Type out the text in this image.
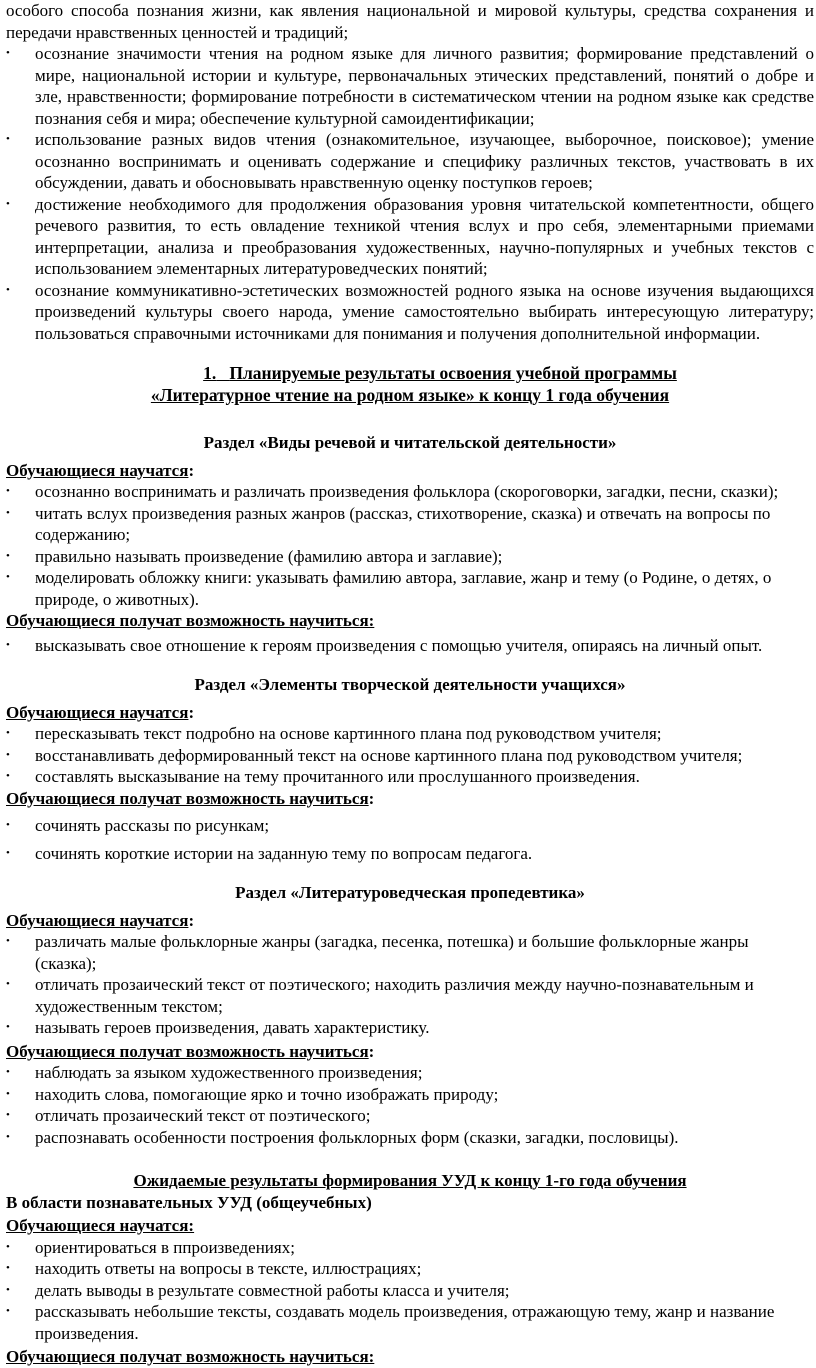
особого способа познания жизни, как явления национальной и мировой культуры, средства сохранения и передачи нравственных ценностей и традиций;

• осознание значимости чтения на родном языке для личного развития; формирование представлений о мире, национальной истории и культуре, первоначальных этических представлений, понятий о добре и зле, нравственности; формирование потребности в систематическом чтении на родном языке как средстве познания себя и мира; обеспечение культурной самоидентификации;

• использование разных видов чтения (ознакомительное, изучающее, выборочное, поисковое); умение осознанно воспринимать и оценивать содержание и специфику различных текстов, участвовать в их обсуждении, давать и обосновывать нравственную оценку поступков героев;

• достижение необходимого для продолжения образования уровня читательской компетентности, общего речевого развития, то есть овладение техникой чтения вслух и про себя, элементарными приемами интерпретации, анализа и преобразования художественных, научно-популярных и учебных текстов с использованием элементарных литературоведческих понятий;

• осознание коммуникативно-эстетических возможностей родного языка на основе изучения выдающихся произведений культуры своего народа, умение самостоятельно выбирать интересующую литературу; пользоваться справочными источниками для понимания и получения дополнительной информации.

1. Планируемые результаты освоения учебной программы
«Литературное чтение на родном языке» к концу 1 года обучения

Раздел «Виды речевой и читательской деятельности»

Обучающиеся научатся:

• осознанно воспринимать и различать произведения фольклора (скороговорки, загадки, песни, сказки);

• читать вслух произведения разных жанров (рассказ, стихотворение, сказка) и отвечать на вопросы по содержанию;

• правильно называть произведение (фамилию автора и заглавие);

• моделировать обложку книги: указывать фамилию автора, заглавие, жанр и тему (о Родине, о детях, о природе, о животных).

Обучающиеся получат возможность научиться:

• высказывать свое отношение к героям произведения с помощью учителя, опираясь на личный опыт.

Раздел «Элементы творческой деятельности учащихся»

Обучающиеся научатся:

• пересказывать текст подробно на основе картинного плана под руководством учителя;

• восстанавливать деформированный текст на основе картинного плана под руководством учителя;

• составлять высказывание на тему прочитанного или прослушанного произведения.

Обучающиеся получат возможность научиться:

• сочинять рассказы по рисункам;

• сочинять короткие истории на заданную тему по вопросам педагога.

Раздел «Литературоведческая пропедевтика»

Обучающиеся научатся:

• различать малые фольклорные жанры (загадка, песенка, потешка) и большие фольклорные жанры (сказка);

• отличать прозаический текст от поэтического; находить различия между научно-познавательным и художественным текстом;

• называть героев произведения, давать характеристику.

Обучающиеся получат возможность научиться:

• наблюдать за языком художественного произведения;

• находить слова, помогающие ярко и точно изображать природу;

• отличать прозаический текст от поэтического;

• распознавать особенности построения фольклорных форм (сказки, загадки, пословицы).

Ожидаемые результаты формирования УУД к концу 1-го года обучения

В области познавательных УУД (общеучебных)

Обучающиеся научатся:

• ориентироваться в ппроизведениях;

• находить ответы на вопросы в тексте, иллюстрациях;

• делать выводы в результате совместной работы класса и учителя;

• рассказывать небольшие тексты, создавать модель произведения, отражающую тему, жанр и название произведения.

Обучающиеся получат возможность научиться:
